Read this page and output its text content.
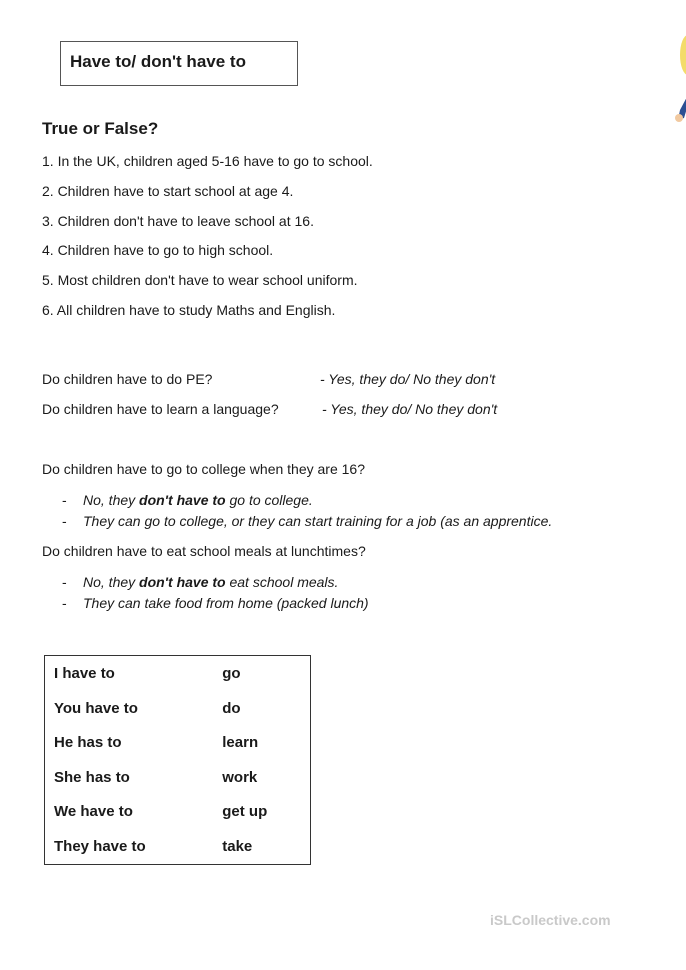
Have to/ don't have to
True or False?
1. In the UK, children aged 5-16 have to go to school.
2. Children have to start school at age 4.
3. Children don't have to leave school at 16.
4. Children have to go to high school.
5. Most children don't have to wear school uniform.
6. All children have to study Maths and English.
Do children have to do PE?	- Yes, they do/ No they don't
Do children have to learn a language?	- Yes, they do/ No they don't
Do children have to go to college when they are 16?
- No, they don't have to go to college.
- They can go to college, or they can start training for a job (as an apprentice.
Do children have to eat school meals at lunchtimes?
- No, they don't have to eat school meals.
- They can take food from home (packed lunch)
I have to	go
You have to	do
He has to	learn
She has to	work
We have to	get up
They have to	take
iSLCollective.com
